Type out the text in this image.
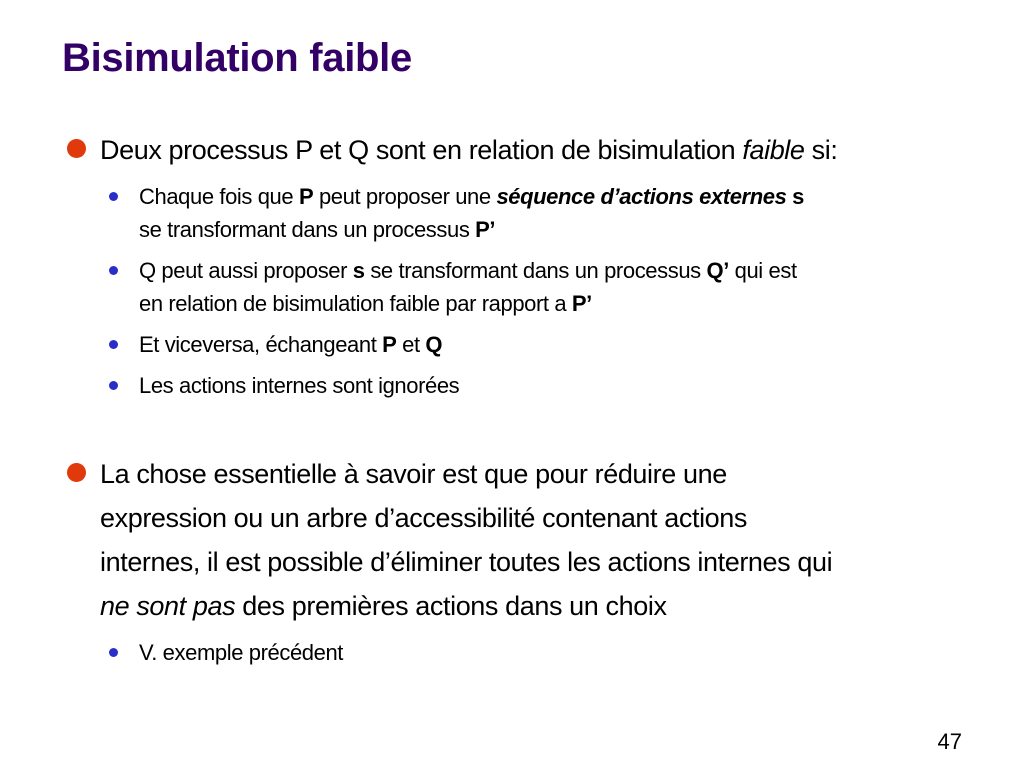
Bisimulation faible
Deux processus P et Q sont en relation de bisimulation faible si:
Chaque fois que P peut proposer une séquence d’actions externes s
se transformant dans un processus P’
Q peut aussi proposer s se transformant dans un processus Q’ qui est
en relation de bisimulation faible par rapport a P’
Et viceversa, échangeant P et Q
Les actions internes sont ignorées
La chose essentielle à savoir est que pour réduire une
expression ou un arbre d’accessibilité contenant actions
internes, il est possible d’éliminer toutes les actions internes qui
ne sont pas des premières actions dans un choix
V. exemple précédent
47
